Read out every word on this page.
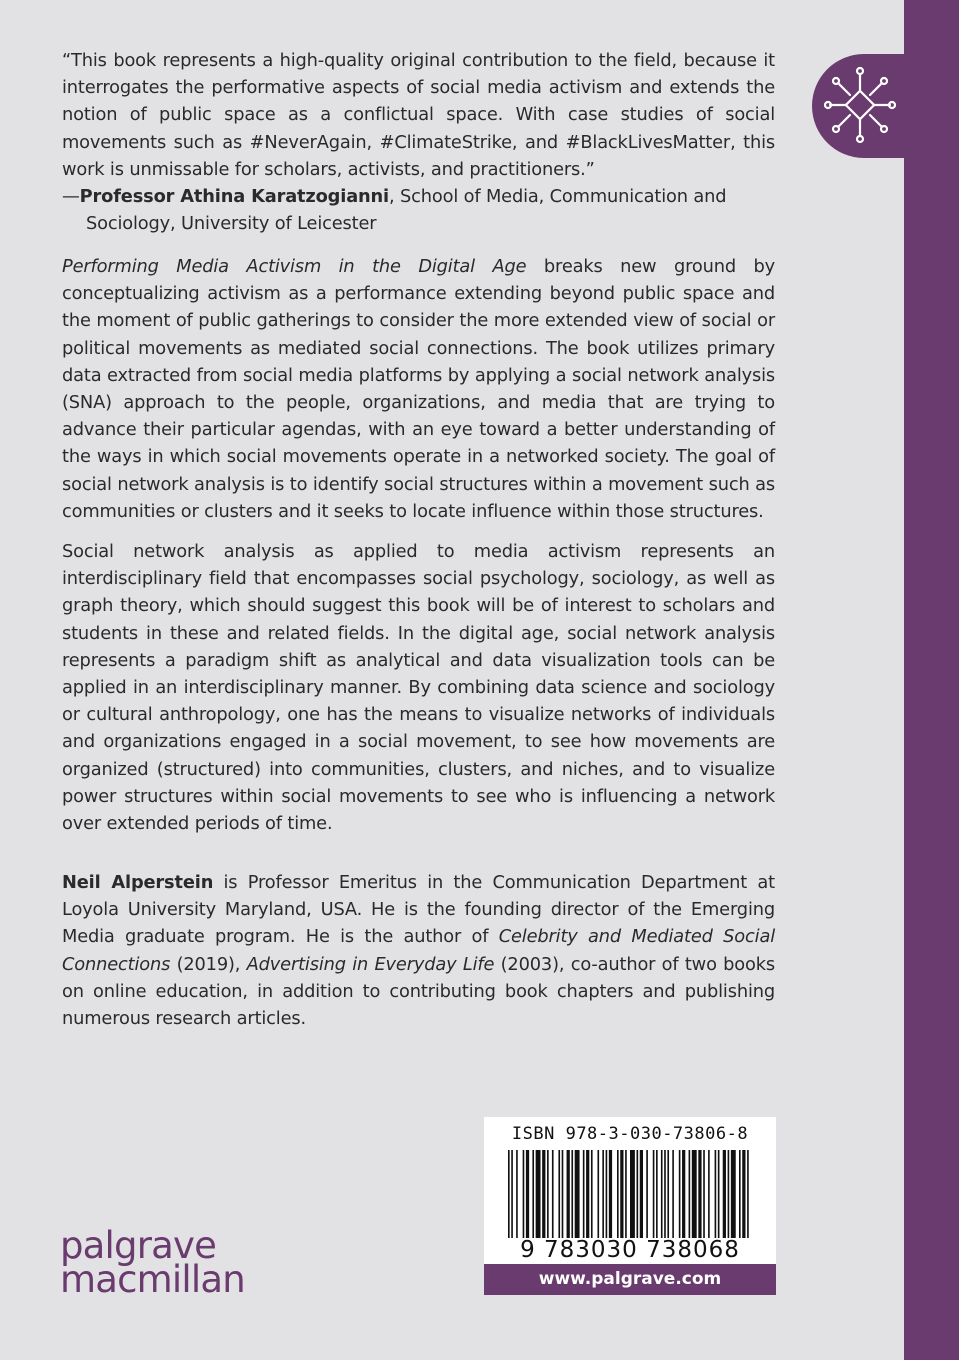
“This book represents a high-quality original contribution to the field, because it interrogates the performative aspects of social media activism and extends the notion of public space as a conflictual space. With case studies of social movements such as #NeverAgain, #ClimateStrike, and #BlackLivesMatter, this work is unmissable for scholars, activists, and practitioners.”

—Professor Athina Karatzogianni, School of Media, Communication and Sociology, University of Leicester

Performing Media Activism in the Digital Age breaks new ground by conceptualizing activism as a performance extending beyond public space and the moment of public gatherings to consider the more extended view of social or political movements as mediated social connections. The book utilizes primary data extracted from social media platforms by applying a social network analysis (SNA) approach to the people, organizations, and media that are trying to advance their particular agendas, with an eye toward a better understanding of the ways in which social movements operate in a networked society. The goal of social network analysis is to identify social structures within a movement such as communities or clusters and it seeks to locate influence within those structures.

Social network analysis as applied to media activism represents an interdisciplinary field that encompasses social psychology, sociology, as well as graph theory, which should suggest this book will be of interest to scholars and students in these and related fields. In the digital age, social network analysis represents a paradigm shift as analytical and data visualization tools can be applied in an interdisciplinary manner. By combining data science and sociology or cultural anthropology, one has the means to visualize networks of individuals and organizations engaged in a social movement, to see how movements are organized (structured) into communities, clusters, and niches, and to visualize power structures within social movements to see who is influencing a network over extended periods of time.

Neil Alperstein is Professor Emeritus in the Communication Department at Loyola University Maryland, USA. He is the founding director of the Emerging Media graduate program. He is the author of Celebrity and Mediated Social Connections (2019), Advertising in Everyday Life (2003), co-author of two books on online education, in addition to contributing book chapters and publishing numerous research articles.

palgrave
macmillan
ISBN 978-3-030-73806-8
9 783030 738068
www.palgrave.com
